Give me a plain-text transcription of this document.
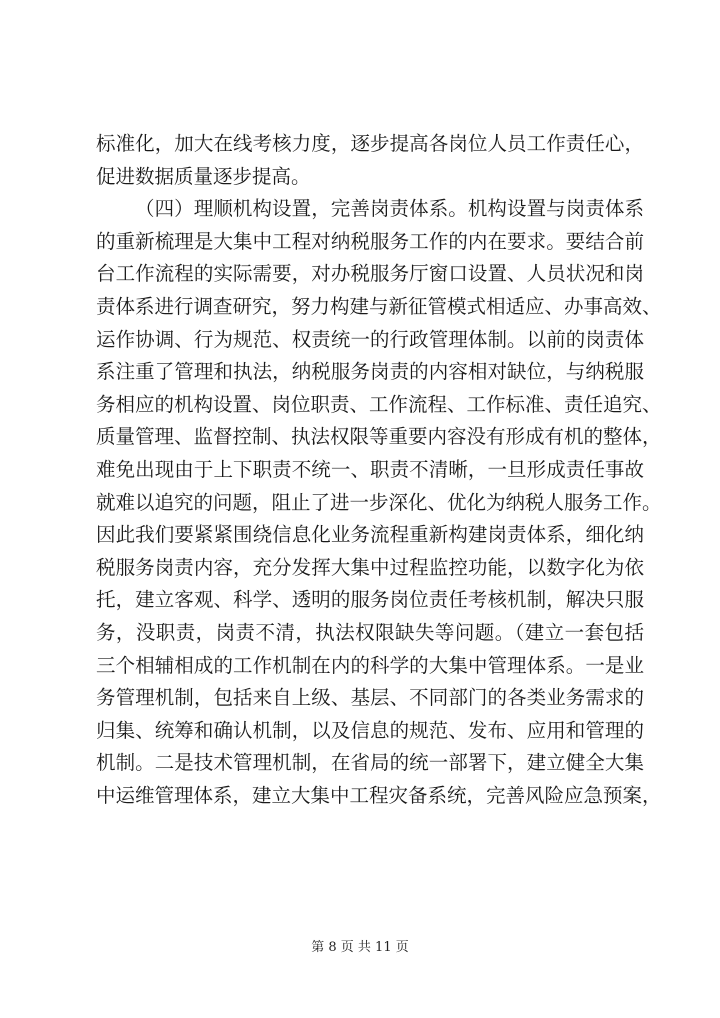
标准化，加大在线考核力度，逐步提高各岗位人员工作责任心，
促进数据质量逐步提高。
（四）理顺机构设置，完善岗责体系。机构设置与岗责体系
的重新梳理是大集中工程对纳税服务工作的内在要求。要结合前
台工作流程的实际需要，对办税服务厅窗口设置、人员状况和岗
责体系进行调查研究，努力构建与新征管模式相适应、办事高效、
运作协调、行为规范、权责统一的行政管理体制。以前的岗责体
系注重了管理和执法，纳税服务岗责的内容相对缺位，与纳税服
务相应的机构设置、岗位职责、工作流程、工作标准、责任追究、
质量管理、监督控制、执法权限等重要内容没有形成有机的整体，
难免出现由于上下职责不统一、职责不清晰，一旦形成责任事故
就难以追究的问题，阻止了进一步深化、优化为纳税人服务工作。
因此我们要紧紧围绕信息化业务流程重新构建岗责体系，细化纳
税服务岗责内容，充分发挥大集中过程监控功能，以数字化为依
托，建立客观、科学、透明的服务岗位责任考核机制，解决只服
务，没职责，岗责不清，执法权限缺失等问题。（建立一套包括
三个相辅相成的工作机制在内的科学的大集中管理体系。一是业
务管理机制，包括来自上级、基层、不同部门的各类业务需求的
归集、统筹和确认机制，以及信息的规范、发布、应用和管理的
机制。二是技术管理机制，在省局的统一部署下，建立健全大集
中运维管理体系，建立大集中工程灾备系统，完善风险应急预案，
第 8 页 共 11 页
